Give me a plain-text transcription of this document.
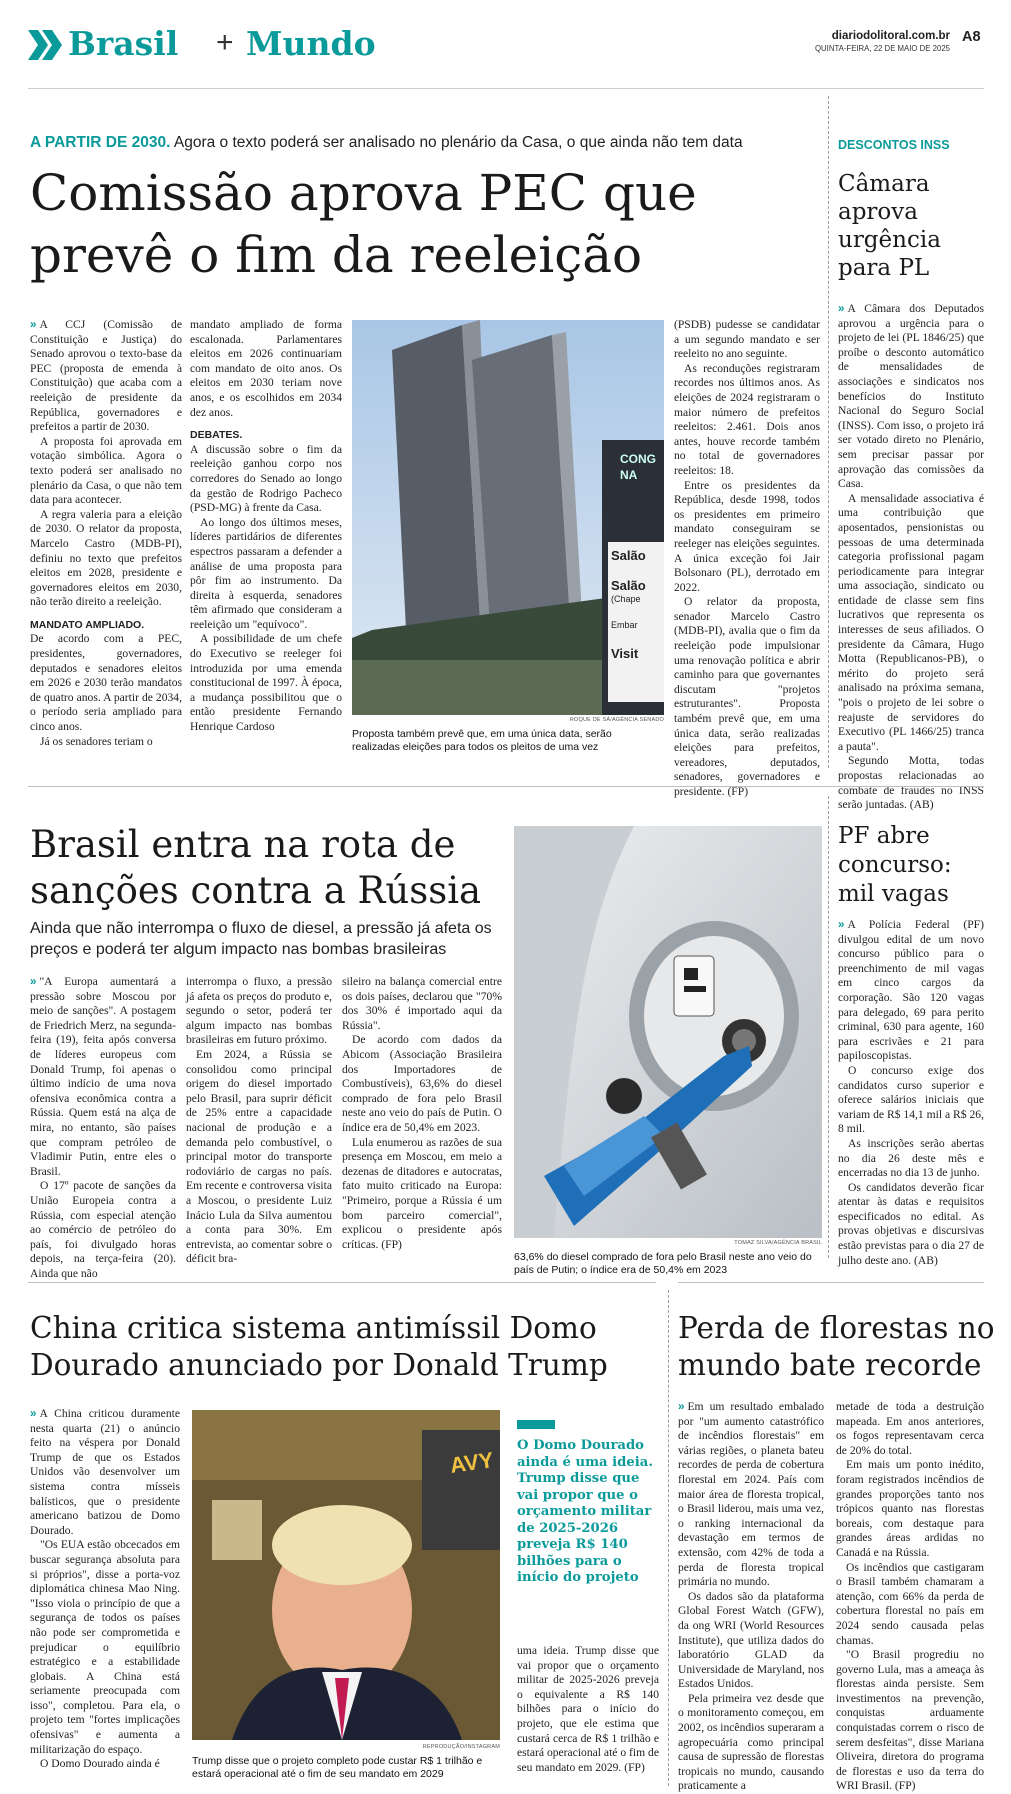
Brasil + Mundo	diariodolitoral.com.br
QUINTA-FEIRA, 22 DE MAIO DE 2025
A8
A PARTIR DE 2030. Agora o texto poderá ser analisado no plenário da Casa, o que ainda não tem data
Comissão aprova PEC que
prevê o fim da reeleição

» A CCJ (Comissão de Constituição e Justiça) do Senado aprovou o texto-base da PEC (proposta de emenda à Constituição) que acaba com a reeleição de presidente da República, governadores e prefeitos a partir de 2030.

A proposta foi aprovada em votação simbólica. Agora o texto poderá ser analisado no plenário da Casa, o que não tem data para acontecer.

A regra valeria para a eleição de 2030. O relator da proposta, Marcelo Castro (MDB-PI), definiu no texto que prefeitos eleitos em 2028, presidente e governadores eleitos em 2030, não terão direito a reeleição.

MANDATO AMPLIADO.

De acordo com a PEC, presidentes, governadores, deputados e senadores eleitos em 2026 e 2030 terão mandatos de quatro anos. A partir de 2034, o período seria ampliado para cinco anos.

Já os senadores teriam o

mandato ampliado de forma escalonada. Parlamentares eleitos em 2026 continuariam com mandato de oito anos. Os eleitos em 2030 teriam nove anos, e os escolhidos em 2034 dez anos.

DEBATES.

A discussão sobre o fim da reeleição ganhou corpo nos corredores do Senado ao longo da gestão de Rodrigo Pacheco (PSD-MG) à frente da Casa.

Ao longo dos últimos meses, líderes partidários de diferentes espectros passaram a defender a análise de uma proposta para pôr fim ao instrumento. Da direita à esquerda, senadores têm afirmado que consideram a reeleição um "equívoco".

A possibilidade de um chefe do Executivo se reeleger foi introduzida por uma emenda constitucional de 1997. À época, a mudança possibilitou que o então presidente Fernando Henrique Cardoso

CONG
NA
Salão
Salão
(Chape
Embar
Visit
ROQUE DE SÁ/AGÊNCIA SENADO
Proposta também prevê que, em uma única data, serão realizadas eleições para todos os pleitos de uma vez

(PSDB) pudesse se candidatar a um segundo mandato e ser reeleito no ano seguinte.

As reconduções registraram recordes nos últimos anos. As eleições de 2024 registraram o maior número de prefeitos reeleitos: 2.461. Dois anos antes, houve recorde também no total de governadores reeleitos: 18.

Entre os presidentes da República, desde 1998, todos os presidentes em primeiro mandato conseguiram se reeleger nas eleições seguintes. A única exceção foi Jair Bolsonaro (PL), derrotado em 2022.

O relator da proposta, senador Marcelo Castro (MDB-PI), avalia que o fim da reeleição pode impulsionar uma renovação política e abrir caminho para que governantes discutam "projetos estruturantes". Proposta também prevê que, em uma única data, serão realizadas eleições para prefeitos, vereadores, deputados, senadores, governadores e presidente. (FP)

DESCONTOS INSS
Câmara aprova urgência para PL

» A Câmara dos Deputados aprovou a urgência para o projeto de lei (PL 1846/25) que proíbe o desconto automático de mensalidades de associações e sindicatos nos benefícios do Instituto Nacional do Seguro Social (INSS). Com isso, o projeto irá ser votado direto no Plenário, sem precisar passar por aprovação das comissões da Casa.

A mensalidade associativa é uma contribuição que aposentados, pensionistas ou pessoas de uma determinada categoria profissional pagam periodicamente para integrar uma associação, sindicato ou entidade de classe sem fins lucrativos que representa os interesses de seus afiliados. O presidente da Câmara, Hugo Motta (Republicanos-PB), o mérito do projeto será analisado na próxima semana, "pois o projeto de lei sobre o reajuste de servidores do Executivo (PL 1466/25) tranca a pauta".

Segundo Motta, todas propostas relacionadas ao combate de fraudes no INSS serão juntadas. (AB)

Brasil entra na rota de
sanções contra a Rússia
Ainda que não interrompa o fluxo de diesel, a pressão já afeta os preços e poderá ter algum impacto nas bombas brasileiras

» "A Europa aumentará a pressão sobre Moscou por meio de sanções". A postagem de Friedrich Merz, na segunda-feira (19), feita após conversa de líderes europeus com Donald Trump, foi apenas o último indício de uma nova ofensiva econômica contra a Rússia. Quem está na alça de mira, no entanto, são países que compram petróleo de Vladimir Putin, entre eles o Brasil.

O 17º pacote de sanções da União Europeia contra a Rússia, com especial atenção ao comércio de petróleo do país, foi divulgado horas depois, na terça-feira (20). Ainda que não

interrompa o fluxo, a pressão já afeta os preços do produto e, segundo o setor, poderá ter algum impacto nas bombas brasileiras em futuro próximo.

Em 2024, a Rússia se consolidou como principal origem do diesel importado pelo Brasil, para suprir déficit de 25% entre a capacidade nacional de produção e a demanda pelo combustível, o principal motor do transporte rodoviário de cargas no país. Em recente e controversa visita a Moscou, o presidente Luiz Inácio Lula da Silva aumentou a conta para 30%. Em entrevista, ao comentar sobre o déficit bra-

sileiro na balança comercial entre os dois países, declarou que "70% dos 30% é importado aqui da Rússia".

De acordo com dados da Abicom (Associação Brasileira dos Importadores de Combustíveis), 63,6% do diesel comprado de fora pelo Brasil neste ano veio do país de Putin. O índice era de 50,4% em 2023.

Lula enumerou as razões de sua presença em Moscou, em meio a dezenas de ditadores e autocratas, fato muito criticado na Europa: "Primeiro, porque a Rússia é um bom parceiro comercial", explicou o presidente após críticas. (FP)	TOMAZ SILVA/AGÊNCIA BRASIL
63,6% do diesel comprado de fora pelo Brasil neste ano veio do país de Putin; o índice era de 50,4% em 2023
PF abre concurso: mil vagas

» A Polícia Federal (PF) divulgou edital de um novo concurso público para o preenchimento de mil vagas em cinco cargos da corporação. São 120 vagas para delegado, 69 para perito criminal, 630 para agente, 160 para escrivães e 21 para papiloscopistas.

O concurso exige dos candidatos curso superior e oferece salários iniciais que variam de R$ 14,1 mil a R$ 26, 8 mil.

As inscrições serão abertas no dia 26 deste mês e encerradas no dia 13 de junho.

Os candidatos deverão ficar atentar às datas e requisitos especificados no edital. As provas objetivas e discursivas estão previstas para o dia 27 de julho deste ano. (AB)

China critica sistema antimíssil Domo
Dourado anunciado por Donald Trump

» A China criticou duramente nesta quarta (21) o anúncio feito na véspera por Donald Trump de que os Estados Unidos vão desenvolver um sistema contra mísseis balísticos, que o presidente americano batizou de Domo Dourado.

"Os EUA estão obcecados em buscar segurança absoluta para si próprios", disse a porta-voz diplomática chinesa Mao Ning. "Isso viola o princípio de que a segurança de todos os países não pode ser comprometida e prejudicar o equilíbrio estratégico e a estabilidade globais. A China está seriamente preocupada com isso", completou. Para ela, o projeto tem "fortes implicações ofensivas" e aumenta a militarização do espaço.

O Domo Dourado ainda é

AVY
REPRODUÇÃO/INSTAGRAM
Trump disse que o projeto completo pode custar R$ 1 trilhão e estará operacional até o fim de seu mandato em 2029
O Domo Dourado ainda é uma ideia. Trump disse que vai propor que o orçamento militar de 2025-2026 preveja R$ 140 bilhões para o início do projeto

uma ideia. Trump disse que vai propor que o orçamento militar de 2025-2026 preveja o equivalente a R$ 140 bilhões para o início do projeto, que ele estima que custará cerca de R$ 1 trilhão e estará operacional até o fim de seu mandato em 2029. (FP)

Perda de florestas no
mundo bate recorde

» Em um resultado embalado por "um aumento catastrófico de incêndios florestais" em várias regiões, o planeta bateu recordes de perda de cobertura florestal em 2024. País com maior área de floresta tropical, o Brasil liderou, mais uma vez, o ranking internacional da devastação em termos de extensão, com 42% de toda a perda de floresta tropical primária no mundo.

Os dados são da plataforma Global Forest Watch (GFW), da ong WRI (World Resources Institute), que utiliza dados do laboratório GLAD da Universidade de Maryland, nos Estados Unidos.

Pela primeira vez desde que o monitoramento começou, em 2002, os incêndios superaram a agropecuária como principal causa de supressão de florestas tropicais no mundo, causando praticamente a

metade de toda a destruição mapeada. Em anos anteriores, os fogos representavam cerca de 20% do total.

Em mais um ponto inédito, foram registrados incêndios de grandes proporções tanto nos trópicos quanto nas florestas boreais, com destaque para grandes áreas ardidas no Canadá e na Rússia.

Os incêndios que castigaram o Brasil também chamaram a atenção, com 66% da perda de cobertura florestal no país em 2024 sendo causada pelas chamas.

"O Brasil progrediu no governo Lula, mas a ameaça às florestas ainda persiste. Sem investimentos na prevenção, conquistas arduamente conquistadas correm o risco de serem desfeitas", disse Mariana Oliveira, diretora do programa de florestas e uso da terra do WRI Brasil. (FP)
